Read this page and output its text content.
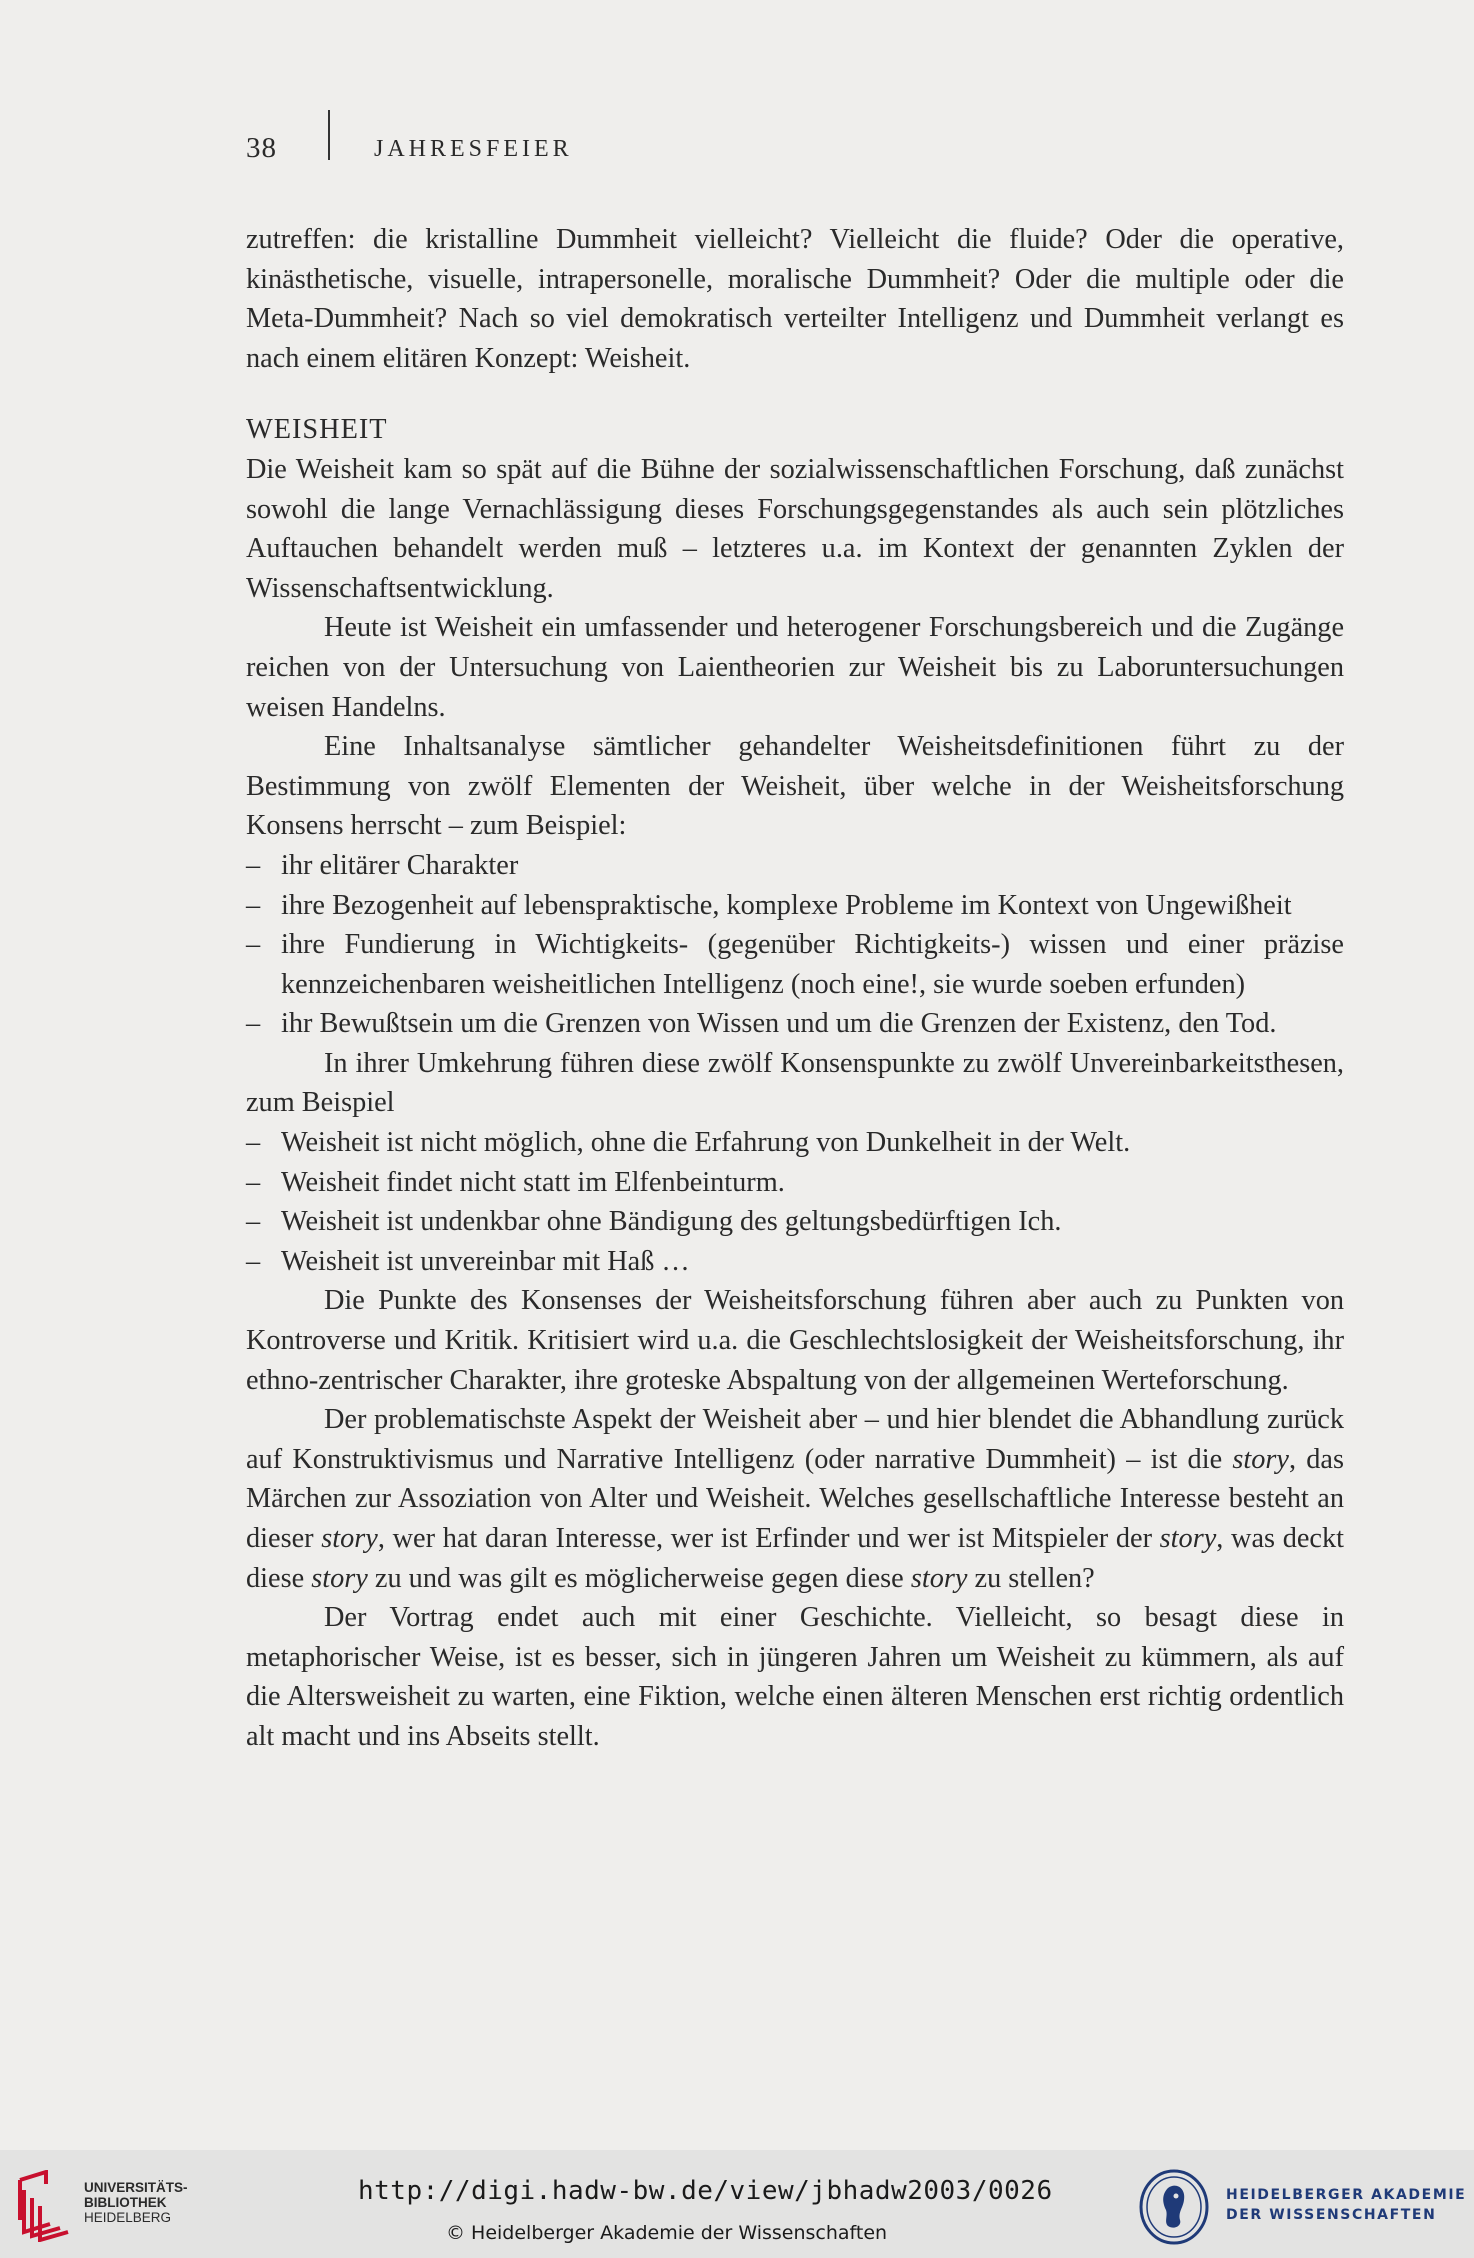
38	JAHRESFEIER

zutreffen: die kristalline Dummheit vielleicht? Vielleicht die fluide? Oder die operative, kinästhetische, visuelle, intrapersonelle, moralische Dummheit? Oder die multiple oder die Meta-Dummheit? Nach so viel demokratisch verteilter Intelligenz und Dummheit verlangt es nach einem elitären Konzept: Weisheit.

WEISHEIT

Die Weisheit kam so spät auf die Bühne der sozialwissenschaftlichen Forschung, daß zunächst sowohl die lange Vernachlässigung dieses Forschungsgegenstandes als auch sein plötzliches Auftauchen behandelt werden muß – letzteres u.a. im Kontext der genannten Zyklen der Wissenschaftsentwicklung.

Heute ist Weisheit ein umfassender und heterogener Forschungsbereich und die Zugänge reichen von der Untersuchung von Laientheorien zur Weisheit bis zu Laboruntersuchungen weisen Handelns.

Eine Inhaltsanalyse sämtlicher gehandelter Weisheitsdefinitionen führt zu der Bestimmung von zwölf Elementen der Weisheit, über welche in der Weisheitsforschung Konsens herrscht – zum Beispiel:

– ihr elitärer Charakter

– ihre Bezogenheit auf lebenspraktische, komplexe Probleme im Kontext von Ungewißheit

– ihre Fundierung in Wichtigkeits- (gegenüber Richtigkeits-) wissen und einer präzise kennzeichenbaren weisheitlichen Intelligenz (noch eine!, sie wurde soeben erfunden)

– ihr Bewußtsein um die Grenzen von Wissen und um die Grenzen der Existenz, den Tod.

In ihrer Umkehrung führen diese zwölf Konsenspunkte zu zwölf Unvereinbarkeitsthesen, zum Beispiel

– Weisheit ist nicht möglich, ohne die Erfahrung von Dunkelheit in der Welt.

– Weisheit findet nicht statt im Elfenbeinturm.

– Weisheit ist undenkbar ohne Bändigung des geltungsbedürftigen Ich.

– Weisheit ist unvereinbar mit Haß …

Die Punkte des Konsenses der Weisheitsforschung führen aber auch zu Punkten von Kontroverse und Kritik. Kritisiert wird u.a. die Geschlechtslosigkeit der Weisheitsforschung, ihr ethno-zentrischer Charakter, ihre groteske Abspaltung von der allgemeinen Werteforschung.

Der problematischste Aspekt der Weisheit aber – und hier blendet die Abhandlung zurück auf Konstruktivismus und Narrative Intelligenz (oder narrative Dummheit) – ist die story, das Märchen zur Assoziation von Alter und Weisheit. Welches gesellschaftliche Interesse besteht an dieser story, wer hat daran Interesse, wer ist Erfinder und wer ist Mitspieler der story, was deckt diese story zu und was gilt es möglicherweise gegen diese story zu stellen?

Der Vortrag endet auch mit einer Geschichte. Vielleicht, so besagt diese in metaphorischer Weise, ist es besser, sich in jüngeren Jahren um Weisheit zu kümmern, als auf die Altersweisheit zu warten, eine Fiktion, welche einen älteren Menschen erst richtig ordentlich alt macht und ins Abseits stellt.

UNIVERSITÄTS-
BIBLIOTHEK
HEIDELBERG
http://digi.hadw-bw.de/view/jbhadw2003/0026
© Heidelberger Akademie der Wissenschaften
HEIDELBERGER AKADEMIE
DER WISSENSCHAFTEN
